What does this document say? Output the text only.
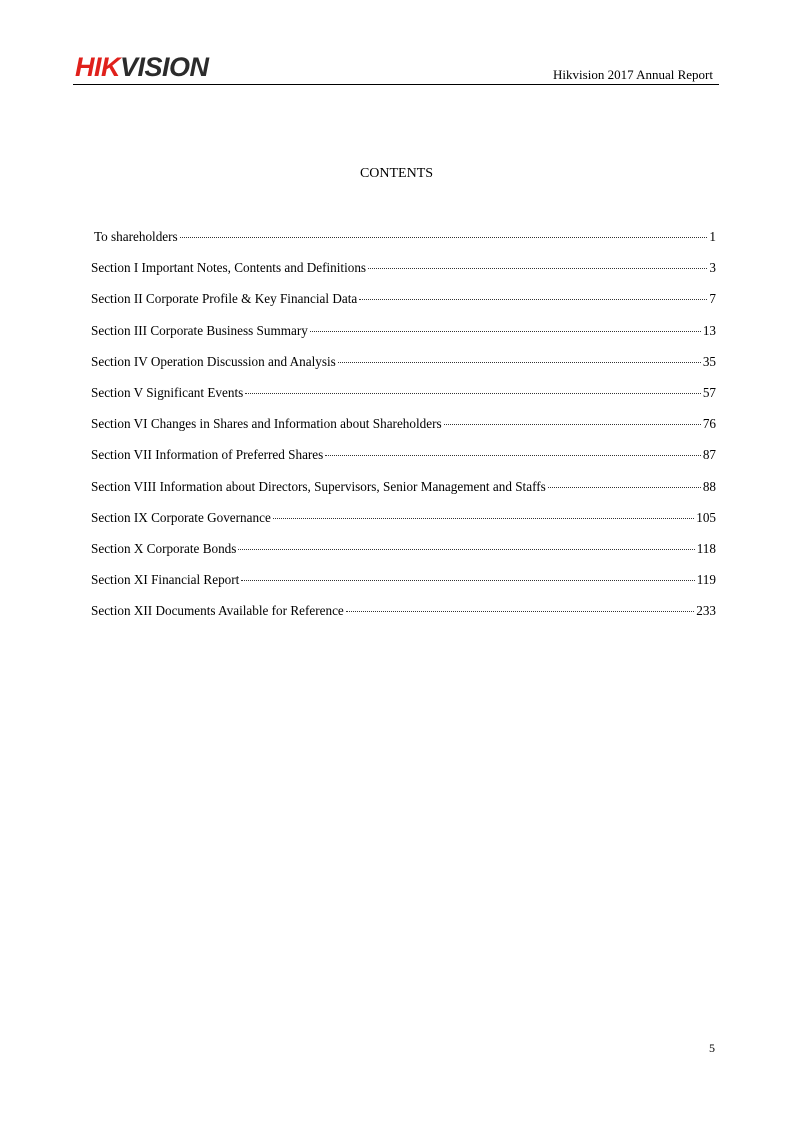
HIKVISION	Hikvision 2017 Annual Report
CONTENTS
To shareholders	1
Section I Important Notes, Contents and Definitions	3
Section II Corporate Profile & Key Financial Data	7
Section III Corporate Business Summary	13
Section IV Operation Discussion and Analysis	35
Section V Significant Events	57
Section VI Changes in Shares and Information about Shareholders	76
Section VII Information of Preferred Shares	87
Section VIII Information about Directors, Supervisors, Senior Management and Staffs	88
Section IX Corporate Governance	105
Section X Corporate Bonds	118
Section XI Financial Report	119
Section XII Documents Available for Reference	233
5
